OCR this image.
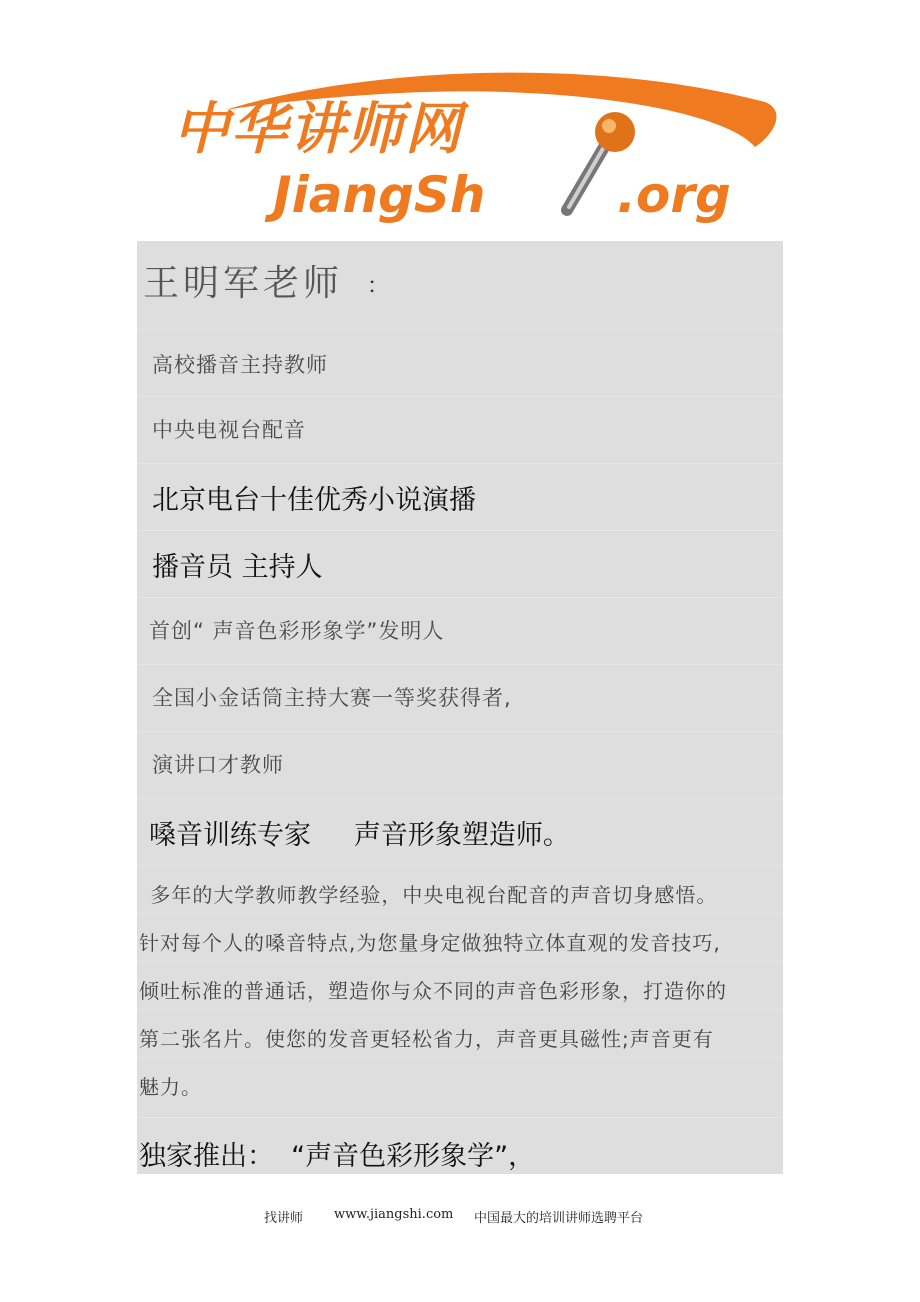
中华讲师网
JiangSh	.org
王明军老师 ：
高校播音主持教师
中央电视台配音
北京电台十佳优秀小说演播
播音员 主持人
首创“ 声音色彩形象学”发明人
全国小金话筒主持大赛一等奖获得者,
演讲口才教师
嗓音训练专家     声音形象塑造师。
多年的大学教师教学经验，中央电视台配音的声音切身感悟。
针对每个人的嗓音特点,为您量身定做独特立体直观的发音技巧,
倾吐标准的普通话，塑造你与众不同的声音色彩形象，打造你的
第二张名片。使您的发音更轻松省力，声音更具磁性;声音更有
魅力。
独家推出：  “声音色彩形象学”，
找讲师 www.jiangshi.com 中国最大的培训讲师选聘平台
